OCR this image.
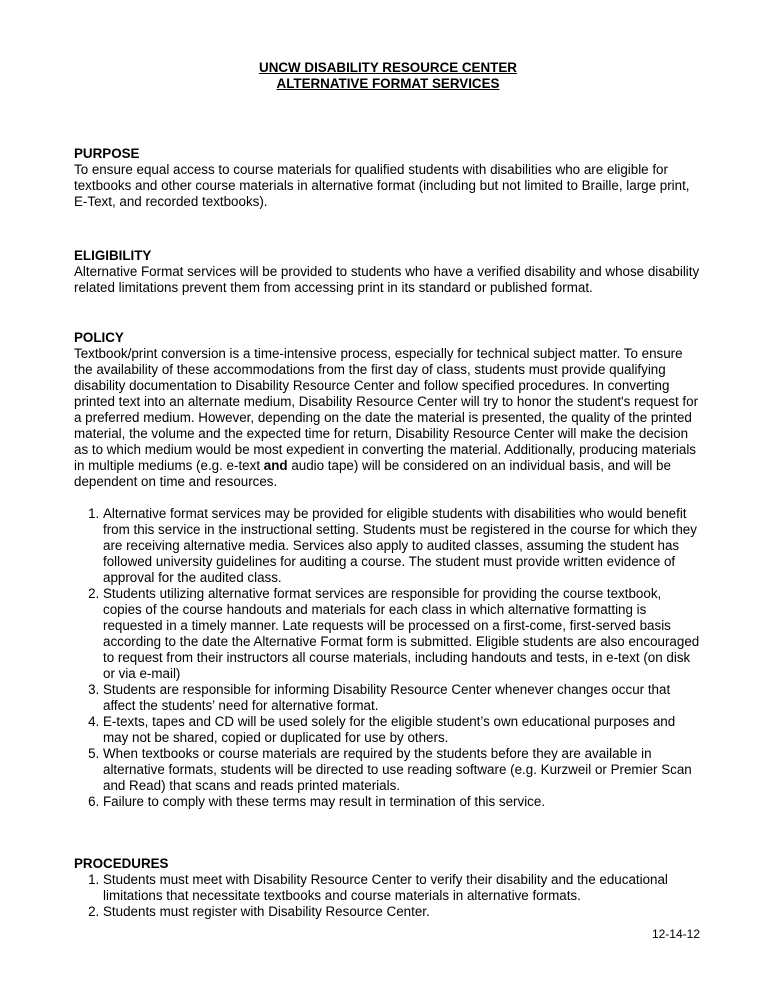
UNCW DISABILITY RESOURCE CENTER

ALTERNATIVE FORMAT SERVICES

PURPOSE

To ensure equal access to course materials for qualified students with disabilities who are eligible for textbooks and other course materials in alternative format (including but not limited to Braille, large print, E-Text, and recorded textbooks).

ELIGIBILITY

Alternative Format services will be provided to students who have a verified disability and whose disability related limitations prevent them from accessing print in its standard or published format.

POLICY

Textbook/print conversion is a time-intensive process, especially for technical subject matter. To ensure the availability of these accommodations from the first day of class, students must provide qualifying disability documentation to Disability Resource Center and follow specified procedures. In converting printed text into an alternate medium, Disability Resource Center will try to honor the student's request for a preferred medium. However, depending on the date the material is presented, the quality of the printed material, the volume and the expected time for return, Disability Resource Center will make the decision as to which medium would be most expedient in converting the material. Additionally, producing materials in multiple mediums (e.g. e-text and audio tape) will be considered on an individual basis, and will be dependent on time and resources.

1. Alternative format services may be provided for eligible students with disabilities who would benefit from this service in the instructional setting. Students must be registered in the course for which they are receiving alternative media. Services also apply to audited classes, assuming the student has followed university guidelines for auditing a course. The student must provide written evidence of approval for the audited class.
2. Students utilizing alternative format services are responsible for providing the course textbook, copies of the course handouts and materials for each class in which alternative formatting is requested in a timely manner. Late requests will be processed on a first-come, first-served basis according to the date the Alternative Format form is submitted. Eligible students are also encouraged to request from their instructors all course materials, including handouts and tests, in e-text (on disk or via e-mail)
3. Students are responsible for informing Disability Resource Center whenever changes occur that affect the students’ need for alternative format.
4. E-texts, tapes and CD will be used solely for the eligible student’s own educational purposes and may not be shared, copied or duplicated for use by others.
5. When textbooks or course materials are required by the students before they are available in alternative formats, students will be directed to use reading software (e.g. Kurzweil or Premier Scan and Read) that scans and reads printed materials.
6. Failure to comply with these terms may result in termination of this service.
PROCEDURES
1. Students must meet with Disability Resource Center to verify their disability and the educational limitations that necessitate textbooks and course materials in alternative formats.
2. Students must register with Disability Resource Center.
12-14-12
